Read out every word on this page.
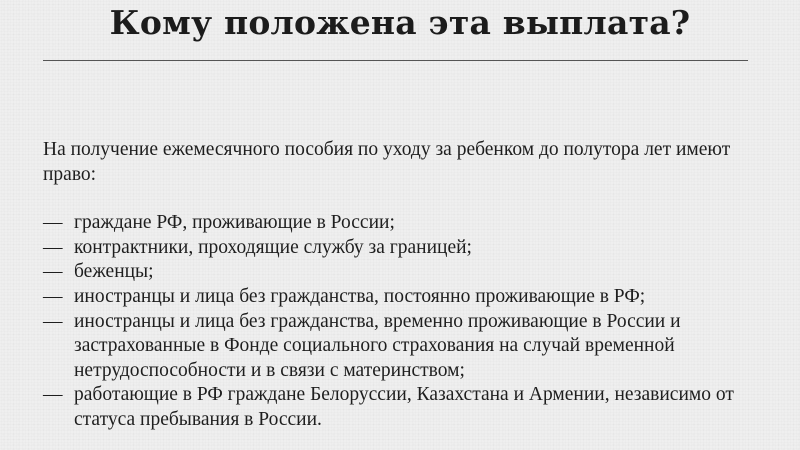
Кому положена эта выплата?

На получение ежемесячного пособия по уходу за ребенком до полутора лет имеют право:

— граждане РФ, проживающие в России;
— контрактники, проходящие службу за границей;
— беженцы;
— иностранцы и лица без гражданства, постоянно проживающие в РФ;
— иностранцы и лица без гражданства, временно проживающие в России и застрахованные в Фонде социального страхования на случай временной нетрудоспособности и в связи с материнством;
— работающие в РФ граждане Белоруссии, Казахстана и Армении, независимо от статуса пребывания в России.
